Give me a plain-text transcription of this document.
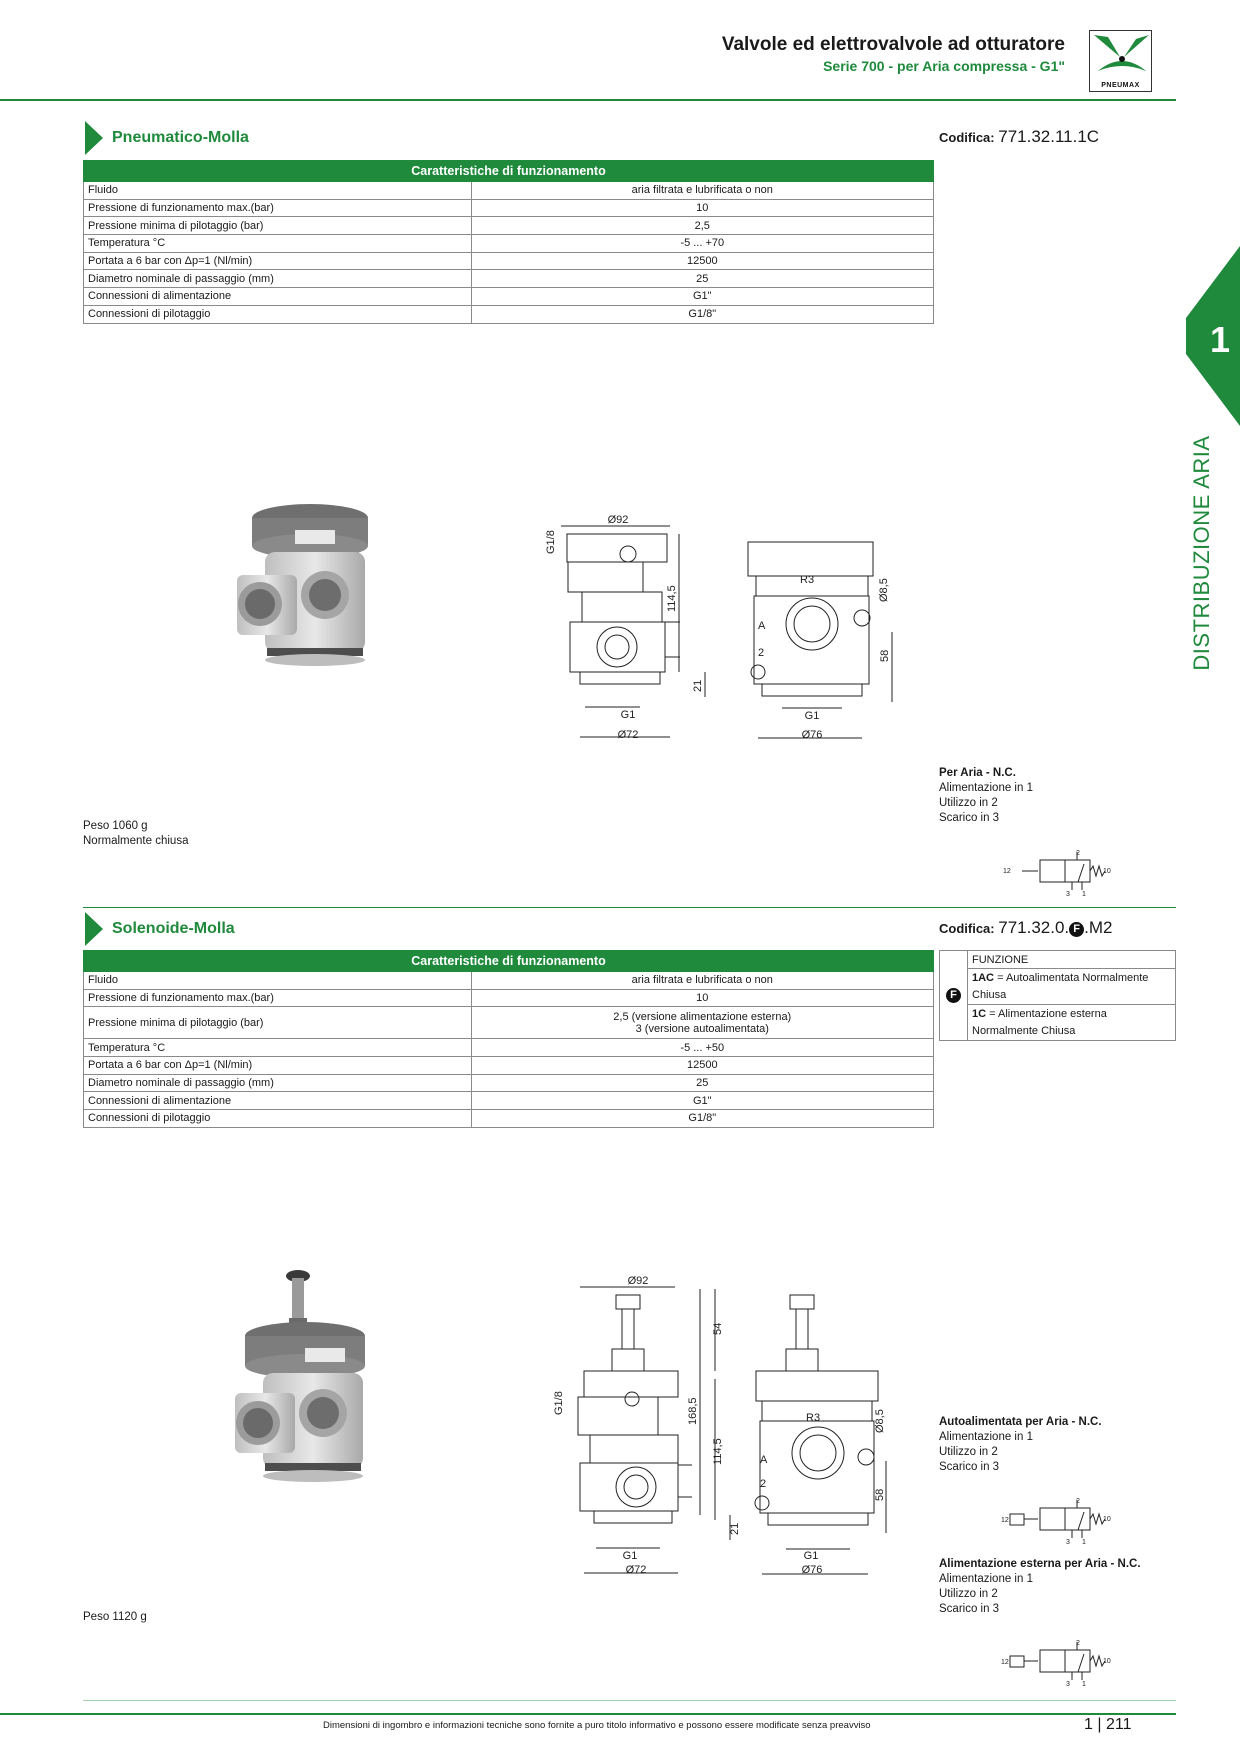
Valvole ed elettrovalvole ad otturatore
Serie 700 - per Aria compressa - G1"
PNEUMAX
1
DISTRIBUZIONE ARIA
Pneumatico-Molla	Codifica: 771.32.11.1C
Caratteristiche di funzionamento	
Fluido	aria filtrata e lubrificata o non
Pressione di funzionamento max.(bar)	10
Pressione minima di pilotaggio (bar)	2,5
Temperatura °C	-5 ... +70
Portata a 6 bar con Δp=1 (Nl/min)	12500
Diametro nominale di passaggio (mm)	25
Connessioni di alimentazione	G1"
Connessioni di pilotaggio	G1/8"
Ø92
G1/8
114,5
21
G1
Ø72
R3	Ø8,5
A
2	58
G1
Ø76
Per Aria - N.C.
Alimentazione in 1
Utilizzo in 2
Scarico in 3
Peso 1060 g
Normalmente chiusa
12	10
2
3 1
Solenoide-Molla	Codifica: 771.32.0. F .M2
Caratteristiche di funzionamento	
Fluido	aria filtrata e lubrificata o non
Pressione di funzionamento max.(bar)	10
Pressione minima di pilotaggio (bar)	2,5 (versione alimentazione esterna)
3 (versione autoalimentata)
Temperatura °C	-5 ... +50
Portata a 6 bar con Δp=1 (Nl/min)	12500
Diametro nominale di passaggio (mm)	25
Connessioni di alimentazione	G1"
Connessioni di pilotaggio	G1/8"
F	FUNZIONE
1AC = Autoalimentata Normalmente
Chiusa
1C = Alimentazione esterna
Normalmente Chiusa
Ø92
G1/8	168,5
54
114,5
21
G1
Ø72
R3	Ø8,5
A
2
58
G1
Ø76
Autoalimentata per Aria - N.C.
Alimentazione in 1
Utilizzo in 2
Scarico in 3
12	10
2
3 1
Alimentazione esterna per Aria - N.C.
Alimentazione in 1
Utilizzo in 2
Scarico in 3
12	10
2
3 1
Peso 1120 g
Dimensioni di ingombro e informazioni tecniche sono fornite a puro titolo informativo e possono essere modificate senza preavviso	1 | 211
